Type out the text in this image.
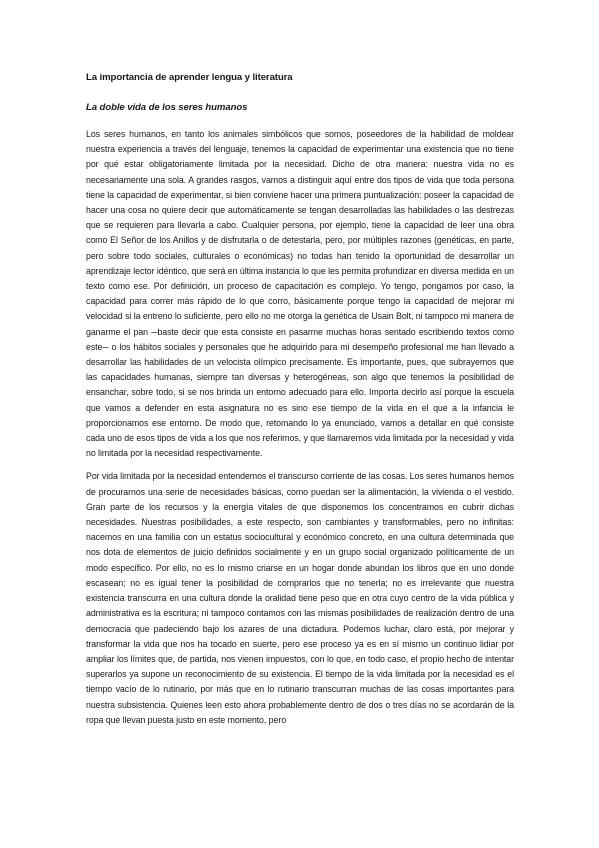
La importancia de aprender lengua y literatura
La doble vida de los seres humanos

Los seres humanos, en tanto los animales simbólicos que somos, poseedores de la habilidad de moldear nuestra experiencia a través del lenguaje, tenemos la capacidad de experimentar una existencia que no tiene por qué estar obligatoriamente limitada por la necesidad. Dicho de otra manera: nuestra vida no es necesariamente una sola. A grandes rasgos, vamos a distinguir aquí entre dos tipos de vida que toda persona tiene la capacidad de experimentar, si bien conviene hacer una primera puntualización: poseer la capacidad de hacer una cosa no quiere decir que automáticamente se tengan desarrolladas las habilidades o las destrezas que se requieren para llevarla a cabo. Cualquier persona, por ejemplo, tiene la capacidad de leer una obra como El Señor de los Anillos y de disfrutarla o de detestarla, pero, por múltiples razones (genéticas, en parte, pero sobre todo sociales, culturales o económicas) no todas han tenido la oportunidad de desarrollar un aprendizaje lector idéntico, que será en última instancia lo que les permita profundizar en diversa medida en un texto como ese. Por definición, un proceso de capacitación es complejo. Yo tengo, pongamos por caso, la capacidad para correr más rápido de lo que corro, básicamente porque tengo la capacidad de mejorar mi velocidad si la entreno lo suficiente, pero ello no me otorga la genética de Usain Bolt, ni tampoco mi manera de ganarme el pan ─baste decir que esta consiste en pasarme muchas horas sentado escribiendo textos como este─ o los hábitos sociales y personales que he adquirido para mi desempeño profesional me han llevado a desarrollar las habilidades de un velocista olímpico precisamente. Es importante, pues, que subrayemos que las capacidades humanas, siempre tan diversas y heterogéneas, son algo que tenemos la posibilidad de ensanchar, sobre todo, si se nos brinda un entorno adecuado para ello. Importa decirlo así porque la escuela que vamos a defender en esta asignatura no es sino ese tiempo de la vida en el que a la infancia le proporcionamos ese entorno. De modo que, retomando lo ya enunciado, vamos a detallar en qué consiste cada uno de esos tipos de vida a los que nos referimos, y que llamaremos vida limitada por la necesidad y vida no limitada por la necesidad respectivamente.

Por vida limitada por la necesidad entendemos el transcurso corriente de las cosas. Los seres humanos hemos de procurarnos una serie de necesidades básicas, como puedan ser la alimentación, la vivienda o el vestido. Gran parte de los recursos y la energía vitales de que disponemos los concentramos en cubrir dichas necesidades. Nuestras posibilidades, a este respecto, son cambiantes y transformables, pero no infinitas: nacemos en una familia con un estatus sociocultural y económico concreto, en una cultura determinada que nos dota de elementos de juicio definidos socialmente y en un grupo social organizado políticamente de un modo específico. Por ello, no es lo mismo criarse en un hogar donde abundan los libros que en uno donde escasean; no es igual tener la posibilidad de comprarlos que no tenerla; no es irrelevante que nuestra existencia transcurra en una cultura donde la oralidad tiene peso que en otra cuyo centro de la vida pública y administrativa es la escritura; ni tampoco contamos con las mismas posibilidades de realización dentro de una democracia que padeciendo bajo los azares de una dictadura. Podemos luchar, claro está, por mejorar y transformar la vida que nos ha tocado en suerte, pero ese proceso ya es en sí mismo un continuo lidiar por ampliar los límites que, de partida, nos vienen impuestos, con lo que, en todo caso, el propio hecho de intentar superarlos ya supone un reconocimiento de su existencia. El tiempo de la vida limitada por la necesidad es el tiempo vacío de lo rutinario, por más que en lo rutinario transcurran muchas de las cosas importantes para nuestra subsistencia. Quienes leen esto ahora probablemente dentro de dos o tres días no se acordarán de la ropa que llevan puesta justo en este momento, pero
